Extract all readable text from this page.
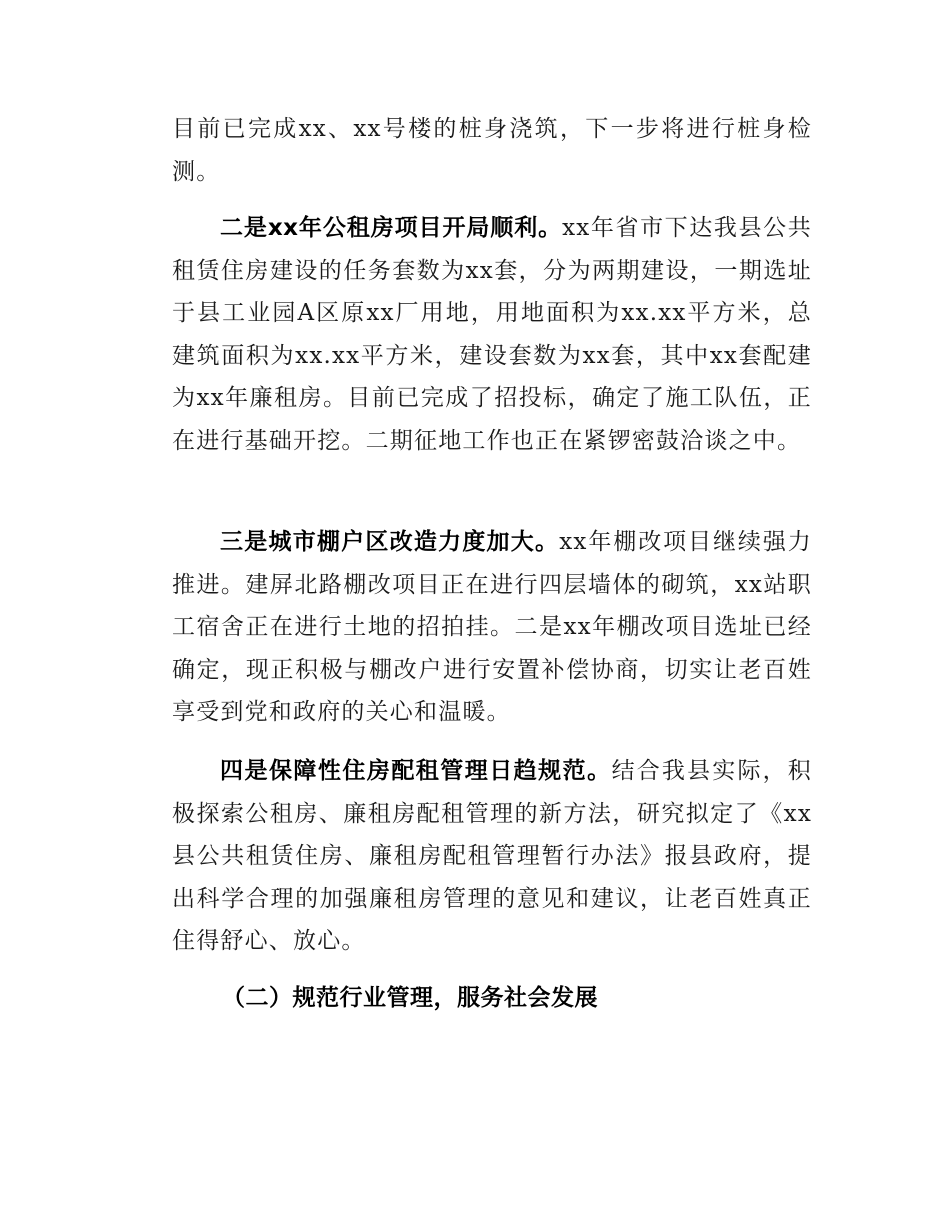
目前已完成xx、xx号楼的桩身浇筑，下一步将进行桩身检测。

二是xx年公租房项目开局顺利。xx年省市下达我县公共租赁住房建设的任务套数为xx套，分为两期建设，一期选址于县工业园A区原xx厂用地，用地面积为xx.xx平方米，总建筑面积为xx.xx平方米，建设套数为xx套，其中xx套配建为xx年廉租房。目前已完成了招投标，确定了施工队伍，正在进行基础开挖。二期征地工作也正在紧锣密鼓洽谈之中。

三是城市棚户区改造力度加大。xx年棚改项目继续强力推进。建屏北路棚改项目正在进行四层墙体的砌筑，xx站职工宿舍正在进行土地的招拍挂。二是xx年棚改项目选址已经确定，现正积极与棚改户进行安置补偿协商，切实让老百姓享受到党和政府的关心和温暖。

四是保障性住房配租管理日趋规范。结合我县实际，积极探索公租房、廉租房配租管理的新方法，研究拟定了《xx县公共租赁住房、廉租房配租管理暂行办法》报县政府，提出科学合理的加强廉租房管理的意见和建议，让老百姓真正住得舒心、放心。

（二）规范行业管理，服务社会发展
